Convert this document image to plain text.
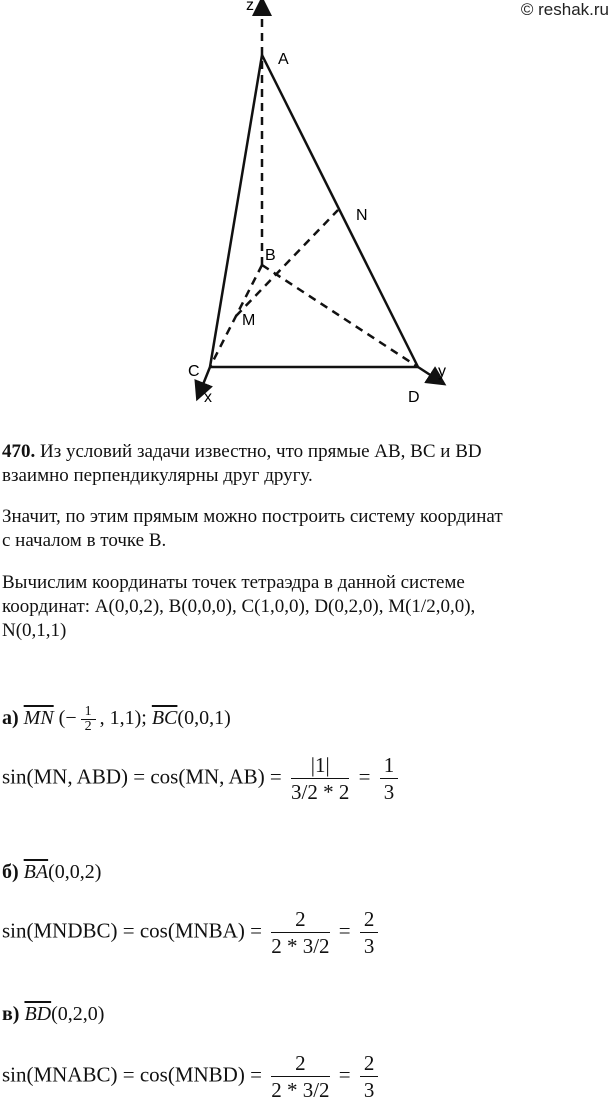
© reshak.ru
z
A
B
C
D
M
N
x
y
470. Из условий задачи известно, что прямые AB, BC и BD
взаимно перпендикулярны друг другу.
Значит, по этим прямым можно построить систему координат
с началом в точке B.
Вычислим координаты точек тетраэдра в данной системе
координат: A(0,0,2), B(0,0,0), C(1,0,0), D(0,2,0), M(1/2,0,0),
N(0,1,1)
а) $\overline{MN}$ (− $\frac{1}{2}$ , 1,1); $\overline{BC}(0,0,1)$
sin(MN, ABD) = cos(MN, $AB) = \frac{|1|}{3/2 * 2} = \frac{1}{3}$
б) $\overline{BA}(0,0,2)$
sin(MNDBC) = cos(MNBA) = $\frac{2}{2 * 3/2} = \frac{2}{3}$
в) $\overline{BD}(0,2,0)$
sin(MNABC) = cos(MNBD) = $\frac{2}{2 * 3/2} = \frac{2}{3}$
